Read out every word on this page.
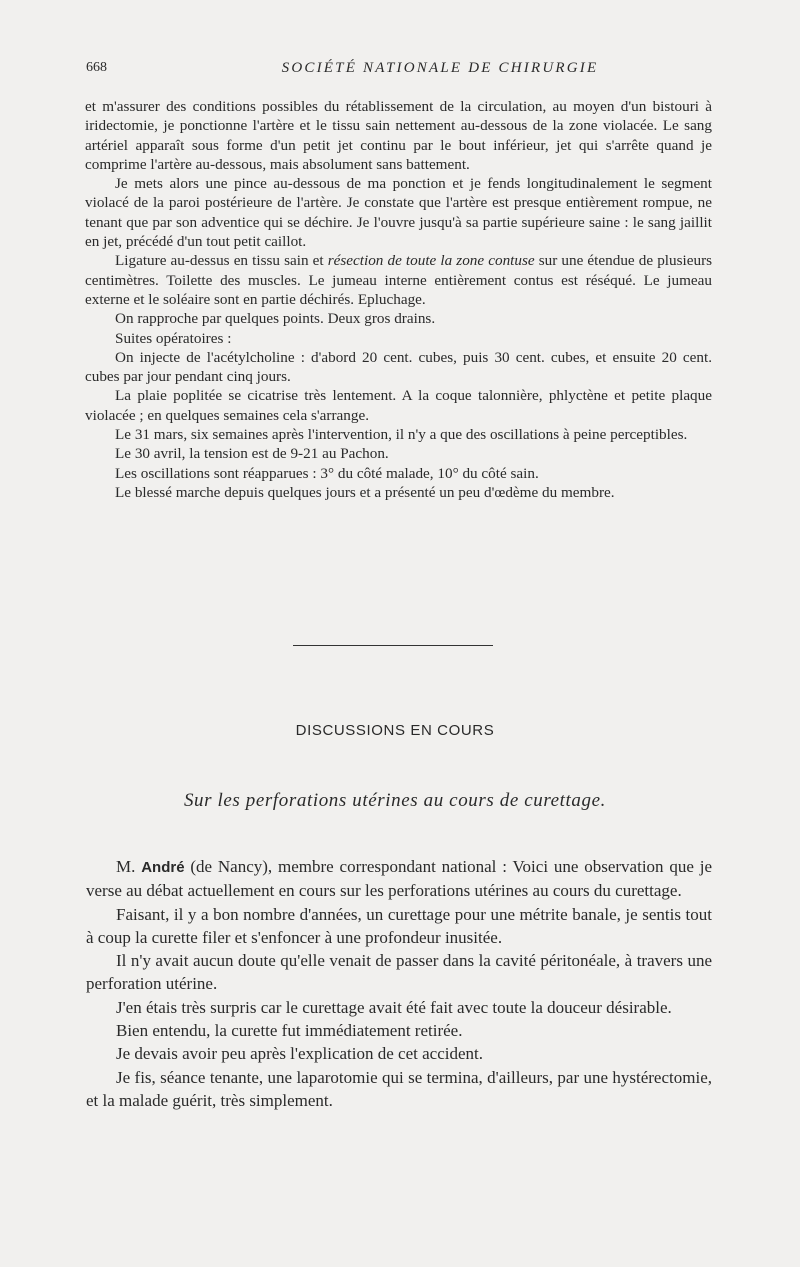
668	SOCIÉTÉ NATIONALE DE CHIRURGIE

et m'assurer des conditions possibles du rétablissement de la circulation, au moyen d'un bistouri à iridectomie, je ponctionne l'artère et le tissu sain nettement au-dessous de la zone violacée. Le sang artériel apparaît sous forme d'un petit jet continu par le bout inférieur, jet qui s'arrête quand je comprime l'artère au-dessous, mais absolument sans battement.

Je mets alors une pince au-dessous de ma ponction et je fends longitudinalement le segment violacé de la paroi postérieure de l'artère. Je constate que l'artère est presque entièrement rompue, ne tenant que par son adventice qui se déchire. Je l'ouvre jusqu'à sa partie supérieure saine : le sang jaillit en jet, précédé d'un tout petit caillot.

Ligature au-dessus en tissu sain et résection de toute la zone contuse sur une étendue de plusieurs centimètres. Toilette des muscles. Le jumeau interne entièrement contus est réséqué. Le jumeau externe et le soléaire sont en partie déchirés. Epluchage.

On rapproche par quelques points. Deux gros drains.

Suites opératoires :

On injecte de l'acétylcholine : d'abord 20 cent. cubes, puis 30 cent. cubes, et ensuite 20 cent. cubes par jour pendant cinq jours.

La plaie poplitée se cicatrise très lentement. A la coque talonnière, phlyctène et petite plaque violacée ; en quelques semaines cela s'arrange.

Le 31 mars, six semaines après l'intervention, il n'y a que des oscillations à peine perceptibles.

Le 30 avril, la tension est de 9-21 au Pachon.

Les oscillations sont réapparues : 3° du côté malade, 10° du côté sain.

Le blessé marche depuis quelques jours et a présenté un peu d'œdème du membre.

DISCUSSIONS EN COURS
Sur les perforations utérines au cours de curettage.

M. André (de Nancy), membre correspondant national : Voici une observation que je verse au débat actuellement en cours sur les perforations utérines au cours du curettage.

Faisant, il y a bon nombre d'années, un curettage pour une métrite banale, je sentis tout à coup la curette filer et s'enfoncer à une profondeur inusitée.

Il n'y avait aucun doute qu'elle venait de passer dans la cavité péritonéale, à travers une perforation utérine.

J'en étais très surpris car le curettage avait été fait avec toute la douceur désirable.

Bien entendu, la curette fut immédiatement retirée.

Je devais avoir peu après l'explication de cet accident.

Je fis, séance tenante, une laparotomie qui se termina, d'ailleurs, par une hystérectomie, et la malade guérit, très simplement.
